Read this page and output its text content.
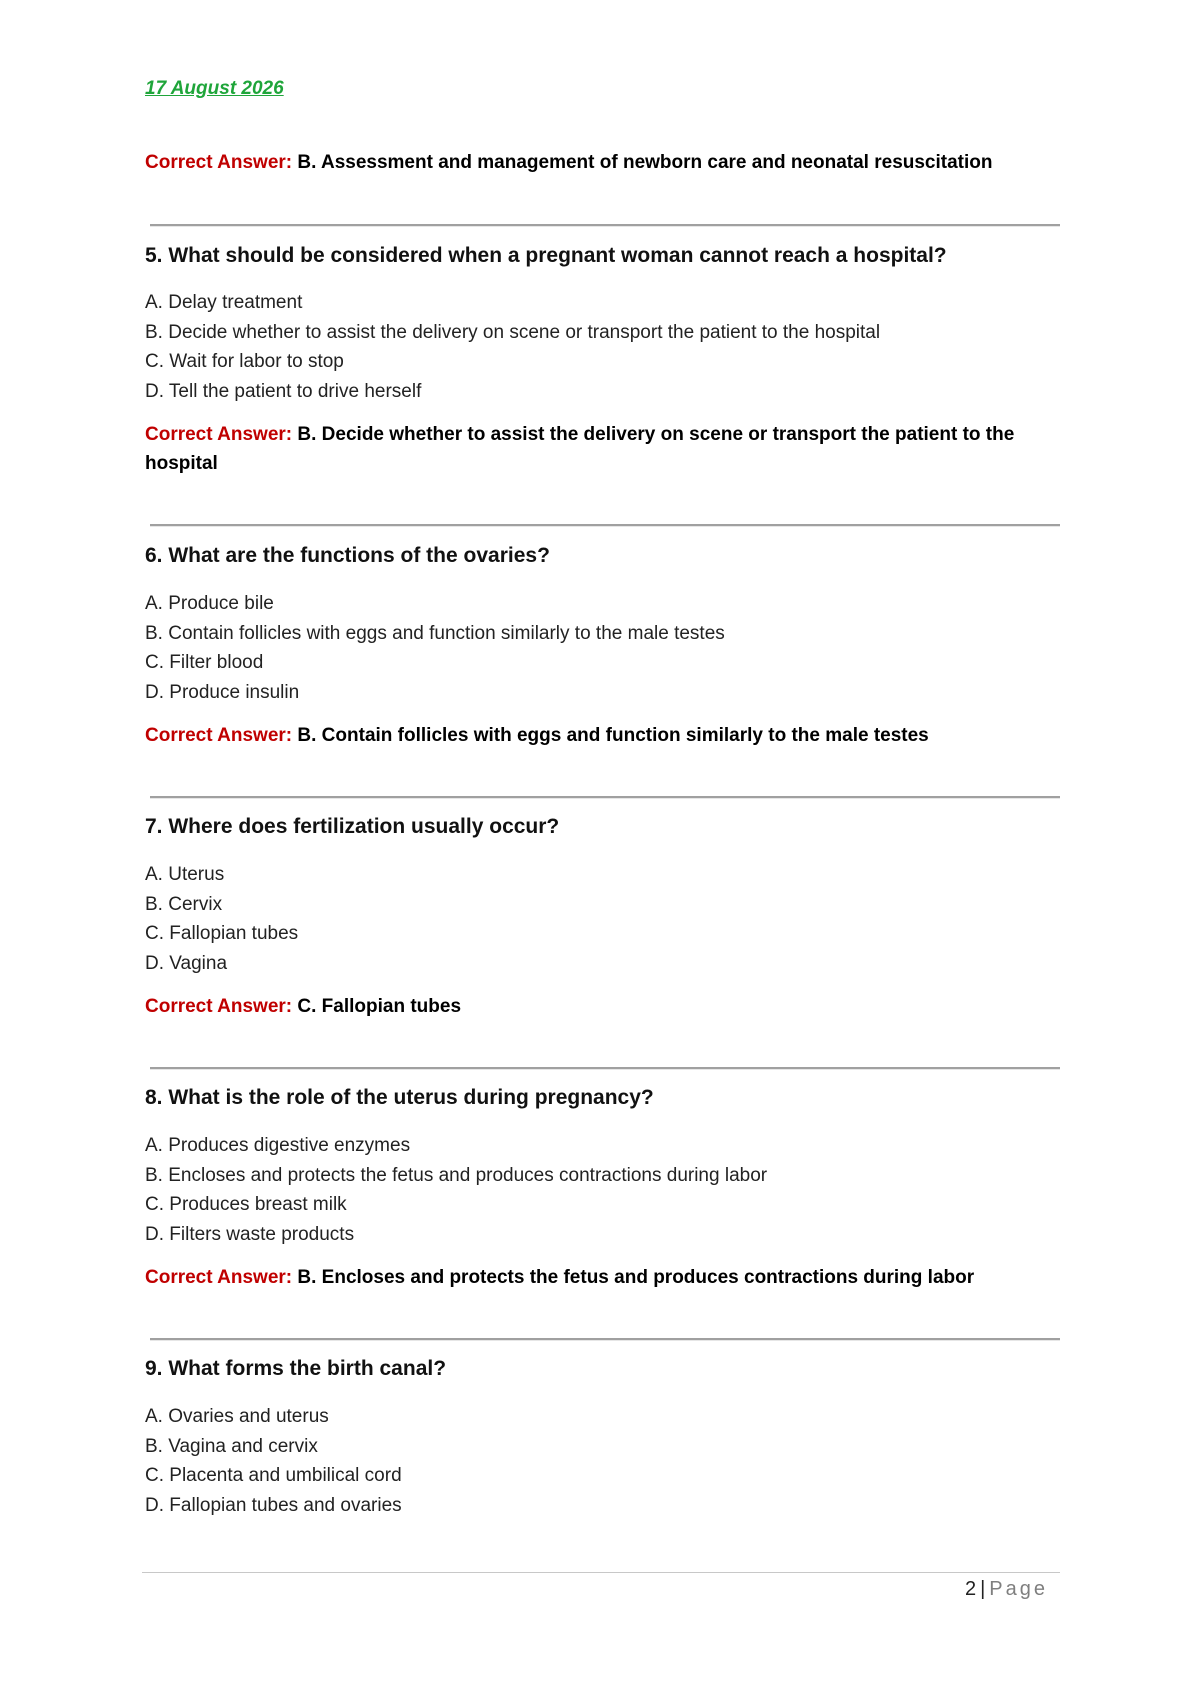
17 August 2026
Correct Answer: B. Assessment and management of newborn care and neonatal resuscitation
5. What should be considered when a pregnant woman cannot reach a hospital?
A. Delay treatment
B. Decide whether to assist the delivery on scene or transport the patient to the hospital
C. Wait for labor to stop
D. Tell the patient to drive herself
Correct Answer: B. Decide whether to assist the delivery on scene or transport the patient to the hospital
6. What are the functions of the ovaries?
A. Produce bile
B. Contain follicles with eggs and function similarly to the male testes
C. Filter blood
D. Produce insulin
Correct Answer: B. Contain follicles with eggs and function similarly to the male testes
7. Where does fertilization usually occur?
A. Uterus
B. Cervix
C. Fallopian tubes
D. Vagina
Correct Answer: C. Fallopian tubes
8. What is the role of the uterus during pregnancy?
A. Produces digestive enzymes
B. Encloses and protects the fetus and produces contractions during labor
C. Produces breast milk
D. Filters waste products
Correct Answer: B. Encloses and protects the fetus and produces contractions during labor
9. What forms the birth canal?
A. Ovaries and uterus
B. Vagina and cervix
C. Placenta and umbilical cord
D. Fallopian tubes and ovaries
2 | Page
